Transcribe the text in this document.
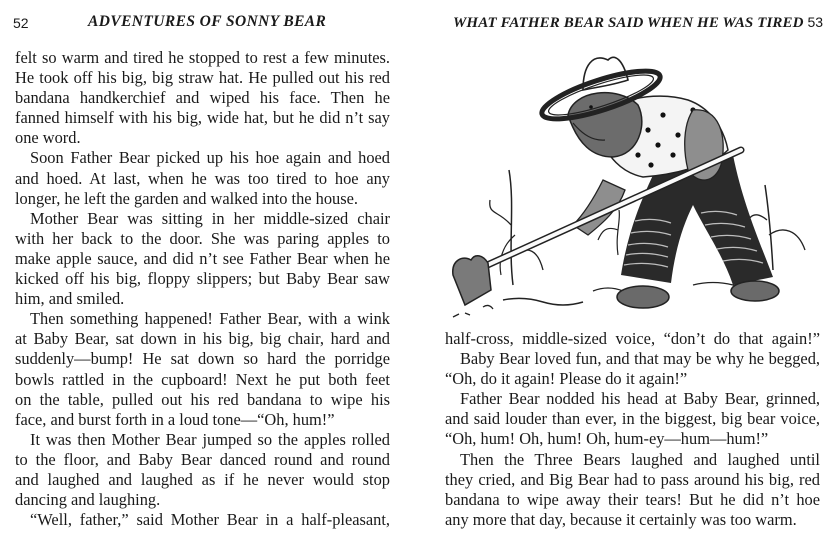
52	ADVENTURES OF SONNY BEAR
felt so warm and tired he stopped to rest a few minutes.
He took off his big, big straw hat. He pulled out his red
bandana handkerchief and wiped his face. Then he
fanned himself with his big, wide hat, but he did n’t say
one word.
Soon Father Bear picked up his hoe again and hoed
and hoed. At last, when he was too tired to hoe any
longer, he left the garden and walked into the house.
Mother Bear was sitting in her middle-sized chair
with her back to the door. She was paring apples to
make apple sauce, and did n’t see Father Bear when he
kicked off his big, floppy slippers; but Baby Bear saw
him, and smiled.
Then something happened! Father Bear, with a wink
at Baby Bear, sat down in his big, big chair, hard and
suddenly—bump! He sat down so hard the porridge
bowls rattled in the cupboard! Next he put both feet
on the table, pulled out his red bandana to wipe his
face, and burst forth in a loud tone—“Oh, hum!”
It was then Mother Bear jumped so the apples rolled
to the floor, and Baby Bear danced round and round
and laughed and laughed as if he never would stop
dancing and laughing.
“Well, father,” said Mother Bear in a half-pleasant,
WHAT FATHER BEAR SAID WHEN HE WAS TIRED 53
half-cross, middle-sized voice, “don’t do that again!”
Baby Bear loved fun, and that may be why he begged,
“Oh, do it again! Please do it again!”
Father Bear nodded his head at Baby Bear, grinned,
and said louder than ever, in the biggest, big bear voice,
“Oh, hum! Oh, hum! Oh, hum-ey—hum—hum!”
Then the Three Bears laughed and laughed until
they cried, and Big Bear had to pass around his big, red
bandana to wipe away their tears! But he did n’t hoe
any more that day, because it certainly was too warm.
